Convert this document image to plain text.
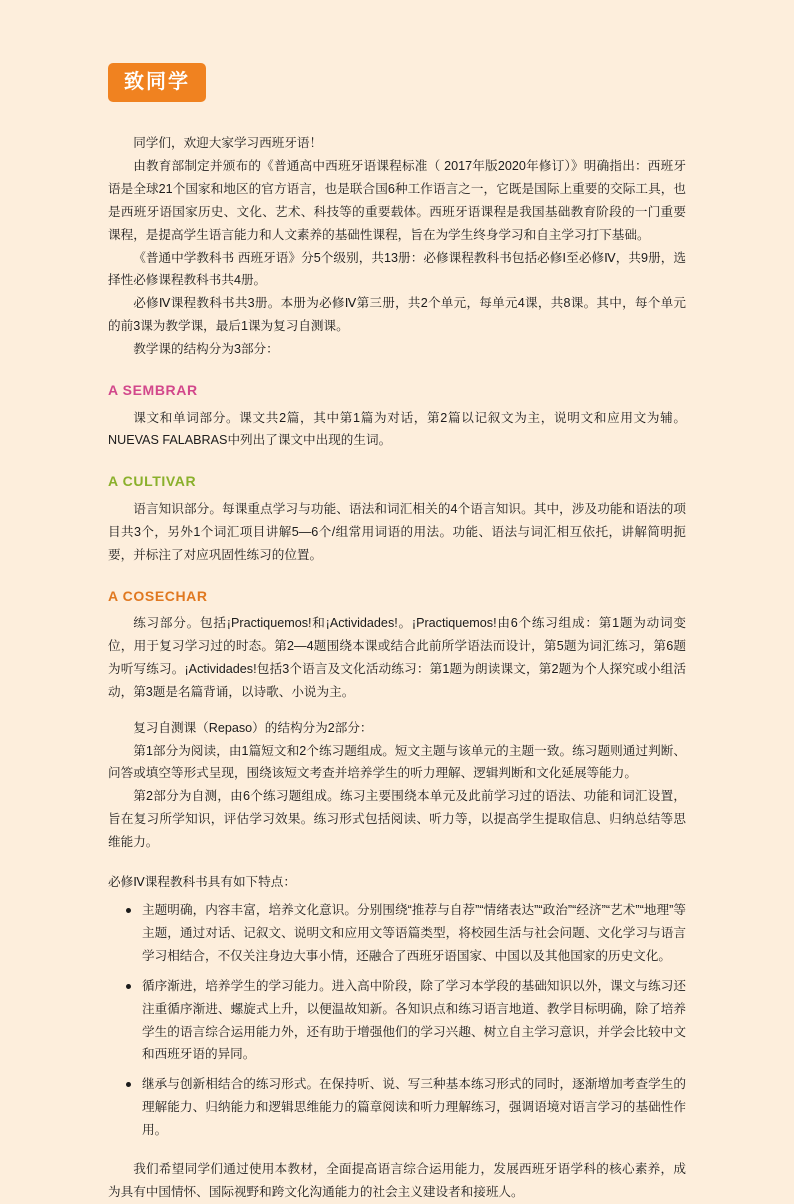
致同学

同学们，欢迎大家学习西班牙语！

由教育部制定并颁布的《普通高中西班牙语课程标准（ 2017年版2020年修订）》明确指出：西班牙语是全球21个国家和地区的官方语言，也是联合国6种工作语言之一，它既是国际上重要的交际工具，也是西班牙语国家历史、文化、艺术、科技等的重要载体。西班牙语课程是我国基础教育阶段的一门重要课程，是提高学生语言能力和人文素养的基础性课程，旨在为学生终身学习和自主学习打下基础。

《普通中学教科书 西班牙语》分5个级别，共13册：必修课程教科书包括必修Ⅰ至必修Ⅳ，共9册，选择性必修课程教科书共4册。

必修Ⅳ课程教科书共3册。本册为必修Ⅳ第三册，共2个单元，每单元4课，共8课。其中，每个单元的前3课为教学课，最后1课为复习自测课。

教学课的结构分为3部分：

A SEMBRAR

课文和单词部分。课文共2篇，其中第1篇为对话，第2篇以记叙文为主，说明文和应用文为辅。NUEVAS FALABRAS中列出了课文中出现的生词。

A CULTIVAR

语言知识部分。每课重点学习与功能、语法和词汇相关的4个语言知识。其中，涉及功能和语法的项目共3个，另外1个词汇项目讲解5—6个/组常用词语的用法。功能、语法与词汇相互依托，讲解简明扼要，并标注了对应巩固性练习的位置。

A COSECHAR

练习部分。包括¡Practiquemos!和¡Actividades!。¡Practiquemos!由6个练习组成：第1题为动词变位，用于复习学习过的时态。第2—4题围绕本课或结合此前所学语法而设计，第5题为词汇练习，第6题为听写练习。¡Actividades!包括3个语言及文化活动练习：第1题为朗读课文，第2题为个人探究或小组活动，第3题是名篇背诵，以诗歌、小说为主。

复习自测课（Repaso）的结构分为2部分：

第1部分为阅读，由1篇短文和2个练习题组成。短文主题与该单元的主题一致。练习题则通过判断、问答或填空等形式呈现，围绕该短文考查并培养学生的听力理解、逻辑判断和文化延展等能力。

第2部分为自测，由6个练习题组成。练习主要围绕本单元及此前学习过的语法、功能和词汇设置，旨在复习所学知识，评估学习效果。练习形式包括阅读、听力等，以提高学生提取信息、归纳总结等思维能力。

必修Ⅳ课程教科书具有如下特点：

主题明确，内容丰富，培养文化意识。分别围绕“推荐与自荐”“情绪表达”“政治”“经济”“艺术”“地理”等主题，通过对话、记叙文、说明文和应用文等语篇类型，将校园生活与社会问题、文化学习与语言学习相结合，不仅关注身边大事小情，还融合了西班牙语国家、中国以及其他国家的历史文化。
循序渐进，培养学生的学习能力。进入高中阶段，除了学习本学段的基础知识以外，课文与练习还注重循序渐进、螺旋式上升，以便温故知新。各知识点和练习语言地道、教学目标明确，除了培养学生的语言综合运用能力外，还有助于增强他们的学习兴趣、树立自主学习意识，并学会比较中文和西班牙语的异同。
继承与创新相结合的练习形式。在保持听、说、写三种基本练习形式的同时，逐渐增加考查学生的理解能力、归纳能力和逻辑思维能力的篇章阅读和听力理解练习，强调语境对语言学习的基础性作用。

我们希望同学们通过使用本教材，全面提高语言综合运用能力，发展西班牙语学科的核心素养，成为具有中国情怀、国际视野和跨文化沟通能力的社会主义建设者和接班人。
